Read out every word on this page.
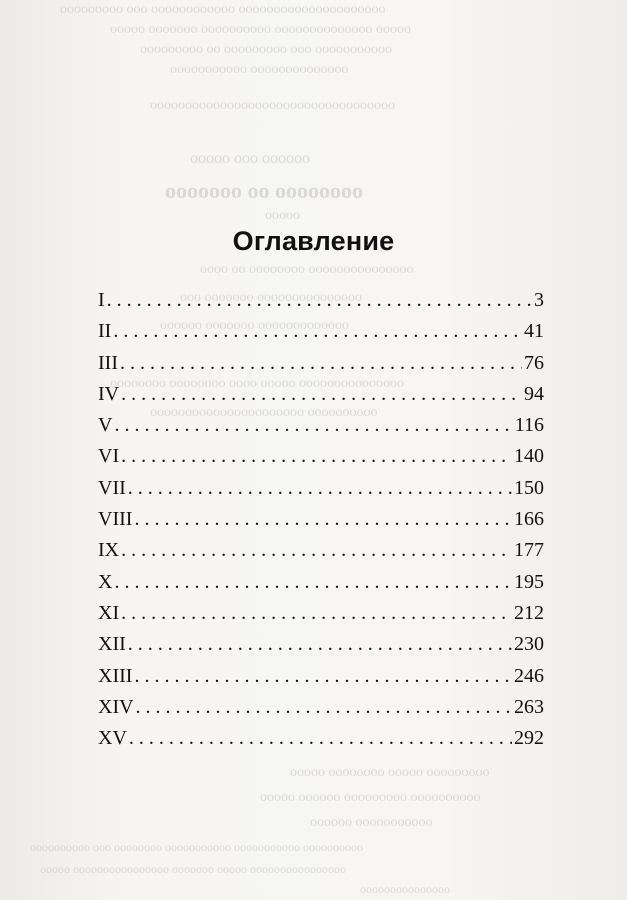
ооооооооооооооооооооо оооооооооооо ооо ооооооооо
ооооо оооооооооооооо оооооооооо ооооооо ооооо
ооооооооооо ооо ооооооооо оо ооооооооо
оооооооооооооо ооооооооооо
ооооооооооооооооооооооооооооооооооо
оооооо ооо ооооо
оооооооо оо ооооооо
ооооо
ооооооооооооооо оооооооо оо оооо
ооооооооооооооо ооооооо ооо
ооооооооооооо ооооооо оооооо
ооооооооооооооо ооооо оооо оооооооо оооооооо
оооооооооо оооооооооооооооооооооо
ооооооооо ооооо оооооооо ооооо
оооооооооо ооооооооо оооооо ооооо
ооооооооооо оооооо
оооооооооо ооооооооооо ооооооооооо оооооооо ооо оооооооооо
оооооооооооооооо ооооо ооооооо оооооооооооооооо ооооо
ооооооооооооооо
Оглавление
I . . .	3
II . . .	41
III . . .	76
IV . . .	94
V . . .	116
VI . . .	140
VII . . .	150
VIII . . .	166
IX . . .	177
X . . .	195
XI . . .	212
XII . . .	230
XIII . . .	246
XIV . . .	263
XV . . .	292
